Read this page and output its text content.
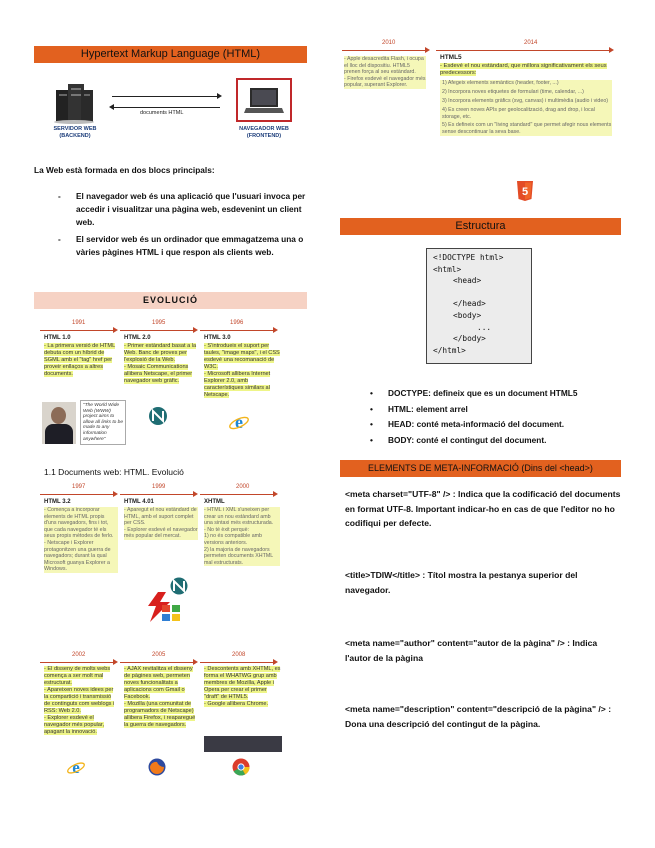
Hypertext Markup Language (HTML)
SERVIDOR WEB
(BACKEND)
documents HTML
NAVEGADOR WEB
(FRONTEND)
La Web està formada en dos blocs principals:
- El navegador web és una aplicació que l'usuari invoca per accedir i visualitzar una pàgina web, esdevenint un client web.
- El servidor web és un ordinador que emmagatzema una o vàries pàgines HTML i que respon als clients web.
EVOLUCIÓ
1991	1995	1996
HTML 1.0
- La primera versió de HTML debuta com un híbrid de SGML amb el "tag" href per proveir enllaços a altres documents.
HTML 2.0
- Primer estàndard basat a la Web. Banc de proves per l'explosió de la Web.
- Mosaic Communications allibera Netscape, el primer navegador web gràfic.
HTML 3.0
- S'introdueix el suport per taules, "image maps", i el CSS esdevé una recomanació de W3C.
- Microsoft allibera Internet Explorer 2.0, amb característiques similars al Netscape.
"The World Wide Web (WWW) project aims to allow all links to be made to any information anywhere"
e
1.1 Documents web: HTML. Evolució
1997	1999	2000
HTML 3.2
- Comença a incorporar elements de HTML propis d'uns navegadors, fins i tot, que cada navegador té els seus propis mètodes de ferlo.
- Netscape i Explorer protagonitzen una guerra de navegadors; durant la qual Microsoft guanya Explorer a Windows.
HTML 4.01
- Aparegut el nou estàndard de HTML, amb el suport complet per CSS.
- Explorer esdevé el navegador més popular del mercat.
XHTML
- HTML i XML s'uneixen per crear un nou estàndard amb una sintaxi més estructurada.
- No té èxit perquè:
1) no és compatible amb versions anteriors.
2) la majoria de navegadors permeten documents XHTML mal estructurats.
2002	2005	2008
- El disseny de molts webs comença a ser molt mal estructurat.
- Apareixen noves idees per la compartició i transmissió de continguts com weblogs i RSS: Web 2.0.
- Explorer esdevé el navegador més popular, apagant la innovació.
- AJAX revitalitza el disseny de pàgines web, permeten noves funcionalitats a aplicacions com Gmail o Facebook.
- Mozilla (una comunitat de programadors de Netscape) allibera Firefox, i reaparegué la guerra de navegadors.
- Descontents amb XHTML, es forma el WHATWG grup amb membres de Mozilla, Apple i Opera per crear el primer "draft" de HTML5.
- Google allibera Chrome.
e
2010	2014
- Apple desacredita Flash, i ocupa el lloc del dispositiu. HTML5 prenen força al seu estàndard.
- Firefox esdevé el navegador més popular, superant Explorer.
HTML5
- Esdevé el nou estàndard, que millora significativament els seus predecessors:
1) Afegeix elements semàntics (header, footer, ...)
2) Incorpora noves etiquetes de formulari (time, calendar, ...)
3) Incorpora elements gràfics (svg, canvas) i multimèdia (audio i video)
4) Es creen noves APIs per geolocalització, drag and drop, i local storage, etc.
5) Es defineix com un "living standard" que permet afegir nous elements sense descontinuar la seva base.
5
Estructura
<!DOCTYPE html>
<html>
<head>
</head>
<body>
...
</body>
</html>
• DOCTYPE: defineix que es un document HTML5
• HTML: element arrel
• HEAD: conté meta-informació del document.
• BODY: conté el contingut del document.
ELEMENTS DE META-INFORMACIÓ (Dins del <head>)
<meta charset="UTF-8" /> : Indica que la codificació del documents en format UTF-8. Important indicar-ho en cas de que l'editor no ho codifiqui per defecte.
<title>TDIW</title> : Títol mostra la pestanya superior del navegador.
<meta name="author" content="autor de la pàgina" /> : Indica l'autor de la pàgina
<meta name="description" content="descripció de la pàgina" /> : Dona una descripció del contingut de la pàgina.
